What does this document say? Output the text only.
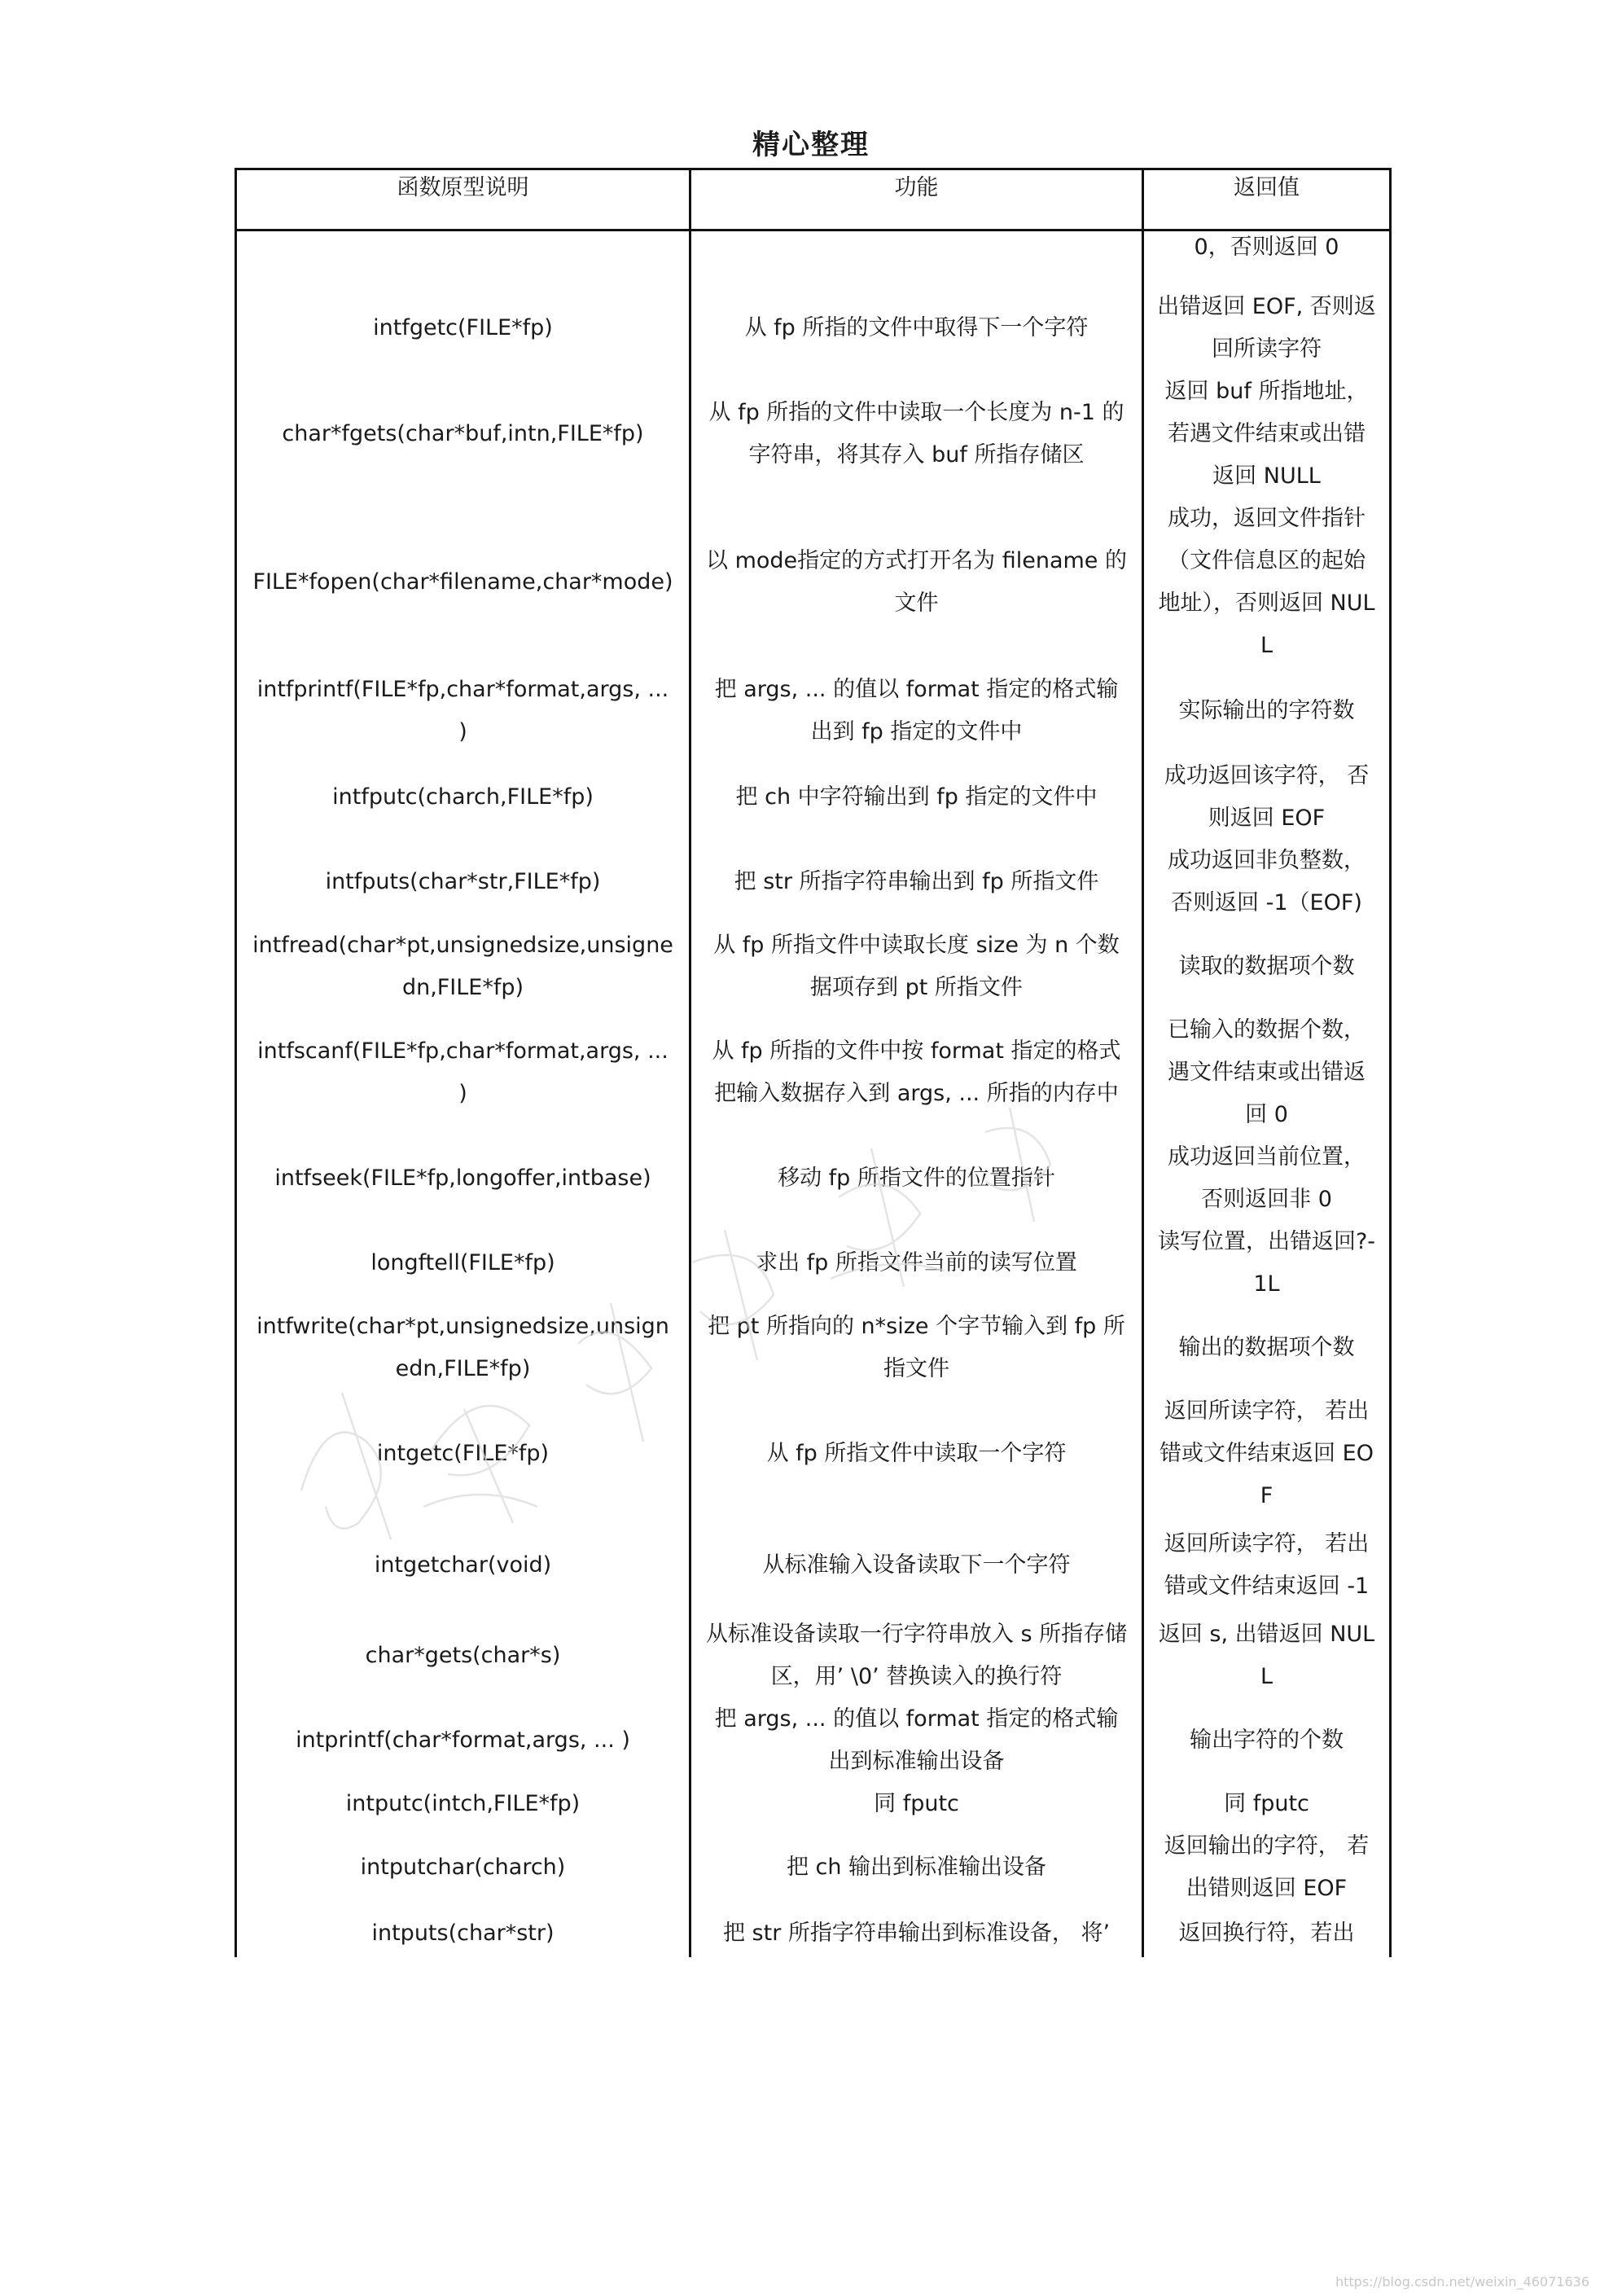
精心整理
函数原型说明	功能	返回值
		0，否则返回 0
intfgetc(FILE*fp)	从 fp 所指的文件中取得下一个字符	出错返回 EOF, 否则返回所读字符
char*fgets(char*buf,intn,FILE*fp)	从 fp 所指的文件中读取一个长度为 n-1 的字符串，将其存入 buf 所指存储区	返回 buf 所指地址，若遇文件结束或出错返回 NULL
FILE*fopen(char*filename,char*mode)	以 mode指定的方式打开名为 filename 的文件	成功，返回文件指针（文件信息区的起始地址），否则返回 NULL
intfprintf(FILE*fp,char*format,args, ... )	把 args, ... 的值以 format 指定的格式输出到 fp 指定的文件中	实际输出的字符数
intfputc(charch,FILE*fp)	把 ch 中字符输出到 fp 指定的文件中	成功返回该字符， 否则返回 EOF
intfputs(char*str,FILE*fp)	把 str 所指字符串输出到 fp 所指文件	成功返回非负整数，否则返回 -1（EOF)
intfread(char*pt,unsignedsize,unsignedn,FILE*fp)	从 fp 所指文件中读取长度 size 为 n 个数据项存到 pt 所指文件	读取的数据项个数
intfscanf(FILE*fp,char*format,args, ... )	从 fp 所指的文件中按 format 指定的格式把输入数据存入到 args, ... 所指的内存中	已输入的数据个数，遇文件结束或出错返回 0
intfseek(FILE*fp,longoffer,intbase)	移动 fp 所指文件的位置指针	成功返回当前位置，否则返回非 0
longftell(FILE*fp)	求出 fp 所指文件当前的读写位置	读写位置，出错返回?-1L
intfwrite(char*pt,unsignedsize,unsignedn,FILE*fp)	把 pt 所指向的 n*size 个字节输入到 fp 所指文件	输出的数据项个数
intgetc(FILE*fp)	从 fp 所指文件中读取一个字符	返回所读字符， 若出错或文件结束返回 EOF
intgetchar(void)	从标准输入设备读取下一个字符	返回所读字符， 若出错或文件结束返回 -1
char*gets(char*s)	从标准设备读取一行字符串放入 s 所指存储区，用’ \0’ 替换读入的换行符	返回 s, 出错返回 NULL
intprintf(char*format,args, ... )	把 args, ... 的值以 format 指定的格式输出到标准输出设备	输出字符的个数
intputc(intch,FILE*fp)	同 fputc	同 fputc
intputchar(charch)	把 ch 输出到标准输出设备	返回输出的字符， 若出错则返回 EOF
intputs(char*str)	把 str 所指字符串输出到标准设备， 将’	返回换行符，若出
https://blog.csdn.net/weixin_46071636
